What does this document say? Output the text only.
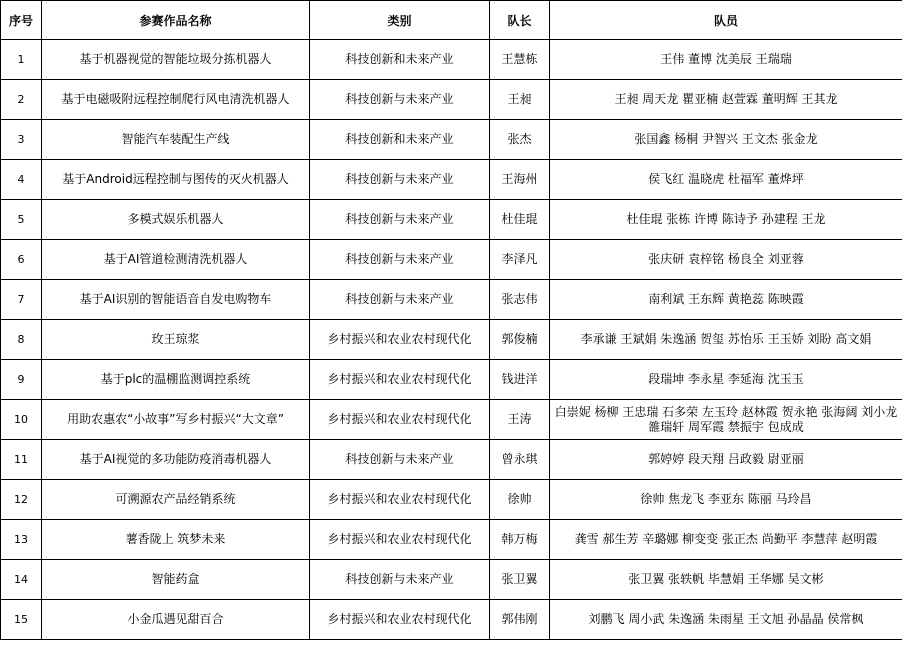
序号	参赛作品名称	类别	队长	队员
1	基于机器视觉的智能垃圾分拣机器人	科技创新和未来产业	王慧栋	王伟 董博 沈美辰 王瑞瑞
2	基于电磁吸附远程控制爬行风电清洗机器人	科技创新与未来产业	王昶	王昶 周天龙 瞿亚楠 赵萱霖 董明辉 王其龙
3	智能汽车装配生产线	科技创新和未来产业	张杰	张国鑫 杨桐 尹智兴 王文杰 张金龙
4	基于Android远程控制与图传的灭火机器人	科技创新与未来产业	王海州	侯飞红 温晓虎 杜福军 董烨坪
5	多模式娱乐机器人	科技创新与未来产业	杜佳琨	杜佳琨 张栋 许博 陈诗予 孙建程 王龙
6	基于AI管道检测清洗机器人	科技创新与未来产业	李泽凡	张庆研 袁梓铭 杨良全 刘亚蓉
7	基于AI识别的智能语音自发电购物车	科技创新与未来产业	张志伟	南利斌 王东辉 黄艳蕊 陈映霞
8	玫王琼浆	乡村振兴和农业农村现代化	郭俊楠	李承谦 王斌娟 朱逸涵 贺玺 苏怡乐 王玉娇 刘盼 高文娟
9	基于plc的温棚监测调控系统	乡村振兴和农业农村现代化	钱进洋	段瑞坤 李永星 李延海 沈玉玉
10	用助农惠农“小故事”写乡村振兴“大文章”	乡村振兴和农业农村现代化	王涛	白崇妮 杨柳 王忠瑞 石多荣 左玉玲 赵林霞 贺永艳 张海阔 刘小龙 雒瑞轩 周军霞 禁振宇 包成成
11	基于AI视觉的多功能防疫消毒机器人	科技创新与未来产业	曾永琪	郭婷婷 段天翔 吕政毅 尉亚丽
12	可溯源农产品经销系统	乡村振兴和农业农村现代化	徐帅	徐帅 焦龙飞 李亚东 陈丽 马玲昌
13	薯香陇上 筑梦未来	乡村振兴和农业农村现代化	韩万梅	龚雪 郝生芳 辛璐娜 柳变变 张正杰 尚勤平 李慧萍 赵明霞
14	智能药盒	科技创新与未来产业	张卫翼	张卫翼 张轶帆 毕慧娟 王华娜 吴文彬
15	小金瓜遇见甜百合	乡村振兴和农业农村现代化	郭伟刚	刘鹏飞 周小武 朱逸涵 朱雨星 王文旭 孙晶晶 侯常枫
